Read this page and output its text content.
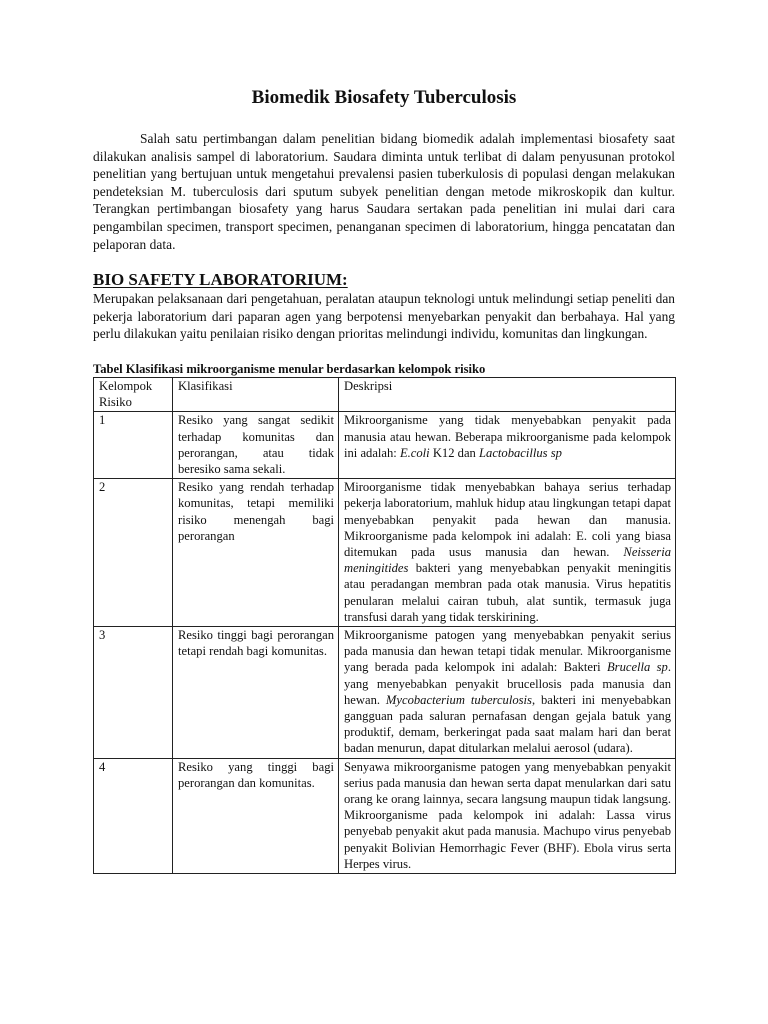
Biomedik Biosafety Tuberculosis

Salah satu pertimbangan dalam penelitian bidang biomedik adalah implementasi biosafety saat dilakukan analisis sampel di laboratorium. Saudara diminta untuk terlibat di dalam penyusunan protokol penelitian yang bertujuan untuk mengetahui prevalensi pasien tuberkulosis di populasi dengan melakukan pendeteksian M. tuberculosis dari sputum subyek penelitian dengan metode mikroskopik dan kultur. Terangkan pertimbangan biosafety yang harus Saudara sertakan pada penelitian ini mulai dari cara pengambilan specimen, transport specimen, penanganan specimen di laboratorium, hingga pencatatan dan pelaporan data.

BIO SAFETY LABORATORIUM:

Merupakan pelaksanaan dari pengetahuan, peralatan ataupun teknologi untuk melindungi setiap peneliti dan pekerja laboratorium dari paparan agen yang berpotensi menyebarkan penyakit dan berbahaya. Hal yang perlu dilakukan yaitu penilaian risiko dengan prioritas melindungi individu, komunitas dan lingkungan.

Tabel Klasifikasi mikroorganisme menular berdasarkan kelompok risiko

Kelompok Risiko	Klasifikasi	Deskripsi
1	Resiko yang sangat sedikit terhadap komunitas dan perorangan, atau tidak beresiko sama sekali.	Mikroorganisme yang tidak menyebabkan penyakit pada manusia atau hewan. Beberapa mikroorganisme pada kelompok ini adalah: E.coli K12 dan Lactobacillus sp
2	Resiko yang rendah terhadap komunitas, tetapi memiliki risiko menengah bagi perorangan	Miroorganisme tidak menyebabkan bahaya serius terhadap pekerja laboratorium, mahluk hidup atau lingkungan tetapi dapat menyebabkan penyakit pada hewan dan manusia. Mikroorganisme pada kelompok ini adalah: E. coli yang biasa ditemukan pada usus manusia dan hewan. Neisseria meningitides bakteri yang menyebabkan penyakit meningitis atau peradangan membran pada otak manusia. Virus hepatitis penularan melalui cairan tubuh, alat suntik, termasuk juga transfusi darah yang tidak terskirining.
3	Resiko tinggi bagi perorangan tetapi rendah bagi komunitas.	Mikroorganisme patogen yang menyebabkan penyakit serius pada manusia dan hewan tetapi tidak menular. Mikroorganisme yang berada pada kelompok ini adalah: Bakteri Brucella sp. yang menyebabkan penyakit brucellosis pada manusia dan hewan. Mycobacterium tuberculosis, bakteri ini menyebabkan gangguan pada saluran pernafasan dengan gejala batuk yang produktif, demam, berkeringat pada saat malam hari dan berat badan menurun, dapat ditularkan melalui aerosol (udara).
4	Resiko yang tinggi bagi perorangan dan komunitas.	Senyawa mikroorganisme patogen yang menyebabkan penyakit serius pada manusia dan hewan serta dapat menularkan dari satu orang ke orang lainnya, secara langsung maupun tidak langsung. Mikroorganisme pada kelompok ini adalah: Lassa virus penyebab penyakit akut pada manusia. Machupo virus penyebab penyakit Bolivian Hemorrhagic Fever (BHF). Ebola virus serta Herpes virus.
